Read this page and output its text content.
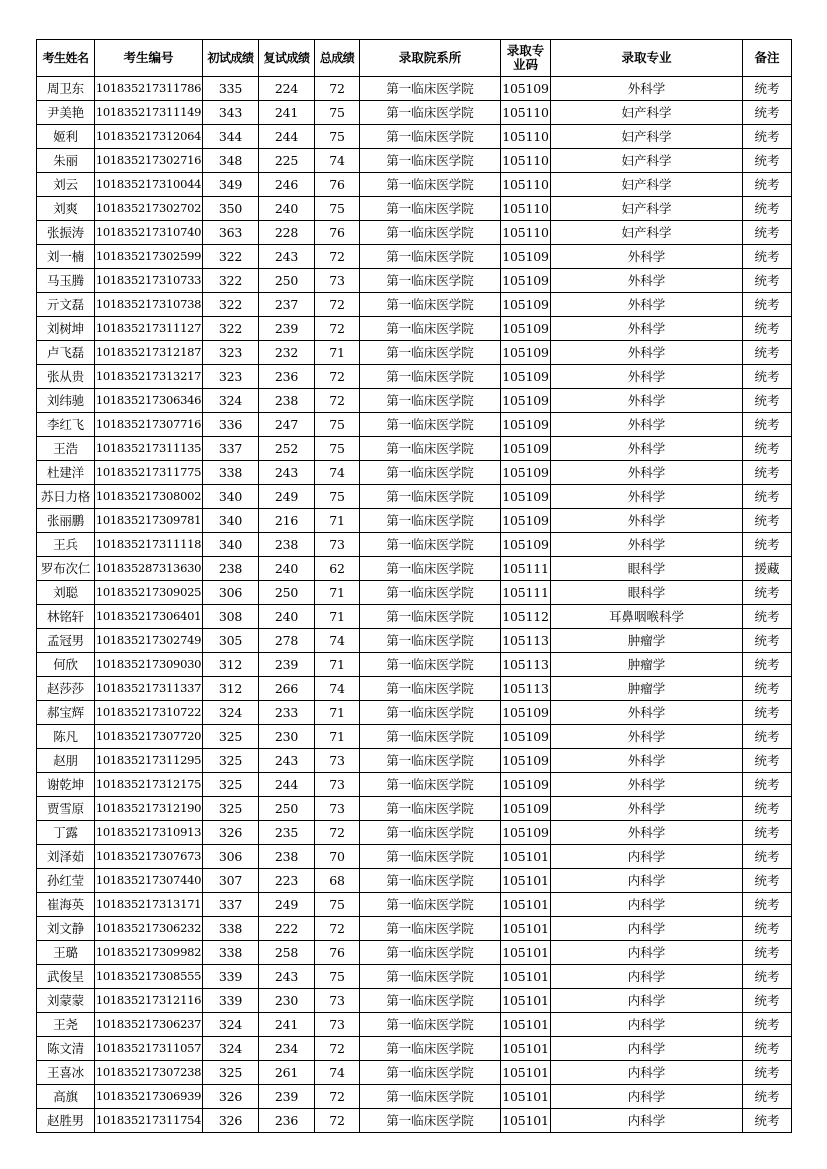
考生姓名	考生编号	初试成绩	复试成绩	总成绩	录取院系所	录取专业码	录取专业	备注
周卫东	101835217311786	335	224	72	第一临床医学院	105109	外科学	统考
尹美艳	101835217311149	343	241	75	第一临床医学院	105110	妇产科学	统考
姬利	101835217312064	344	244	75	第一临床医学院	105110	妇产科学	统考
朱丽	101835217302716	348	225	74	第一临床医学院	105110	妇产科学	统考
刘云	101835217310044	349	246	76	第一临床医学院	105110	妇产科学	统考
刘爽	101835217302702	350	240	75	第一临床医学院	105110	妇产科学	统考
张振涛	101835217310740	363	228	76	第一临床医学院	105110	妇产科学	统考
刘一楠	101835217302599	322	243	72	第一临床医学院	105109	外科学	统考
马玉腾	101835217310733	322	250	73	第一临床医学院	105109	外科学	统考
亓文磊	101835217310738	322	237	72	第一临床医学院	105109	外科学	统考
刘树坤	101835217311127	322	239	72	第一临床医学院	105109	外科学	统考
卢飞磊	101835217312187	323	232	71	第一临床医学院	105109	外科学	统考
张从贵	101835217313217	323	236	72	第一临床医学院	105109	外科学	统考
刘纬驰	101835217306346	324	238	72	第一临床医学院	105109	外科学	统考
李红飞	101835217307716	336	247	75	第一临床医学院	105109	外科学	统考
王浩	101835217311135	337	252	75	第一临床医学院	105109	外科学	统考
杜建洋	101835217311775	338	243	74	第一临床医学院	105109	外科学	统考
苏日力格	101835217308002	340	249	75	第一临床医学院	105109	外科学	统考
张丽鹏	101835217309781	340	216	71	第一临床医学院	105109	外科学	统考
王兵	101835217311118	340	238	73	第一临床医学院	105109	外科学	统考
罗布次仁	101835287313630	238	240	62	第一临床医学院	105111	眼科学	援藏
刘聪	101835217309025	306	250	71	第一临床医学院	105111	眼科学	统考
林铭轩	101835217306401	308	240	71	第一临床医学院	105112	耳鼻咽喉科学	统考
孟冠男	101835217302749	305	278	74	第一临床医学院	105113	肿瘤学	统考
何欣	101835217309030	312	239	71	第一临床医学院	105113	肿瘤学	统考
赵莎莎	101835217311337	312	266	74	第一临床医学院	105113	肿瘤学	统考
郝宝辉	101835217310722	324	233	71	第一临床医学院	105109	外科学	统考
陈凡	101835217307720	325	230	71	第一临床医学院	105109	外科学	统考
赵朋	101835217311295	325	243	73	第一临床医学院	105109	外科学	统考
谢乾坤	101835217312175	325	244	73	第一临床医学院	105109	外科学	统考
贾雪原	101835217312190	325	250	73	第一临床医学院	105109	外科学	统考
丁露	101835217310913	326	235	72	第一临床医学院	105109	外科学	统考
刘泽茹	101835217307673	306	238	70	第一临床医学院	105101	内科学	统考
孙红莹	101835217307440	307	223	68	第一临床医学院	105101	内科学	统考
崔海英	101835217313171	337	249	75	第一临床医学院	105101	内科学	统考
刘文静	101835217306232	338	222	72	第一临床医学院	105101	内科学	统考
王璐	101835217309982	338	258	76	第一临床医学院	105101	内科学	统考
武俊呈	101835217308555	339	243	75	第一临床医学院	105101	内科学	统考
刘蒙蒙	101835217312116	339	230	73	第一临床医学院	105101	内科学	统考
王尧	101835217306237	324	241	73	第一临床医学院	105101	内科学	统考
陈文清	101835217311057	324	234	72	第一临床医学院	105101	内科学	统考
王喜冰	101835217307238	325	261	74	第一临床医学院	105101	内科学	统考
高旗	101835217306939	326	239	72	第一临床医学院	105101	内科学	统考
赵胜男	101835217311754	326	236	72	第一临床医学院	105101	内科学	统考
